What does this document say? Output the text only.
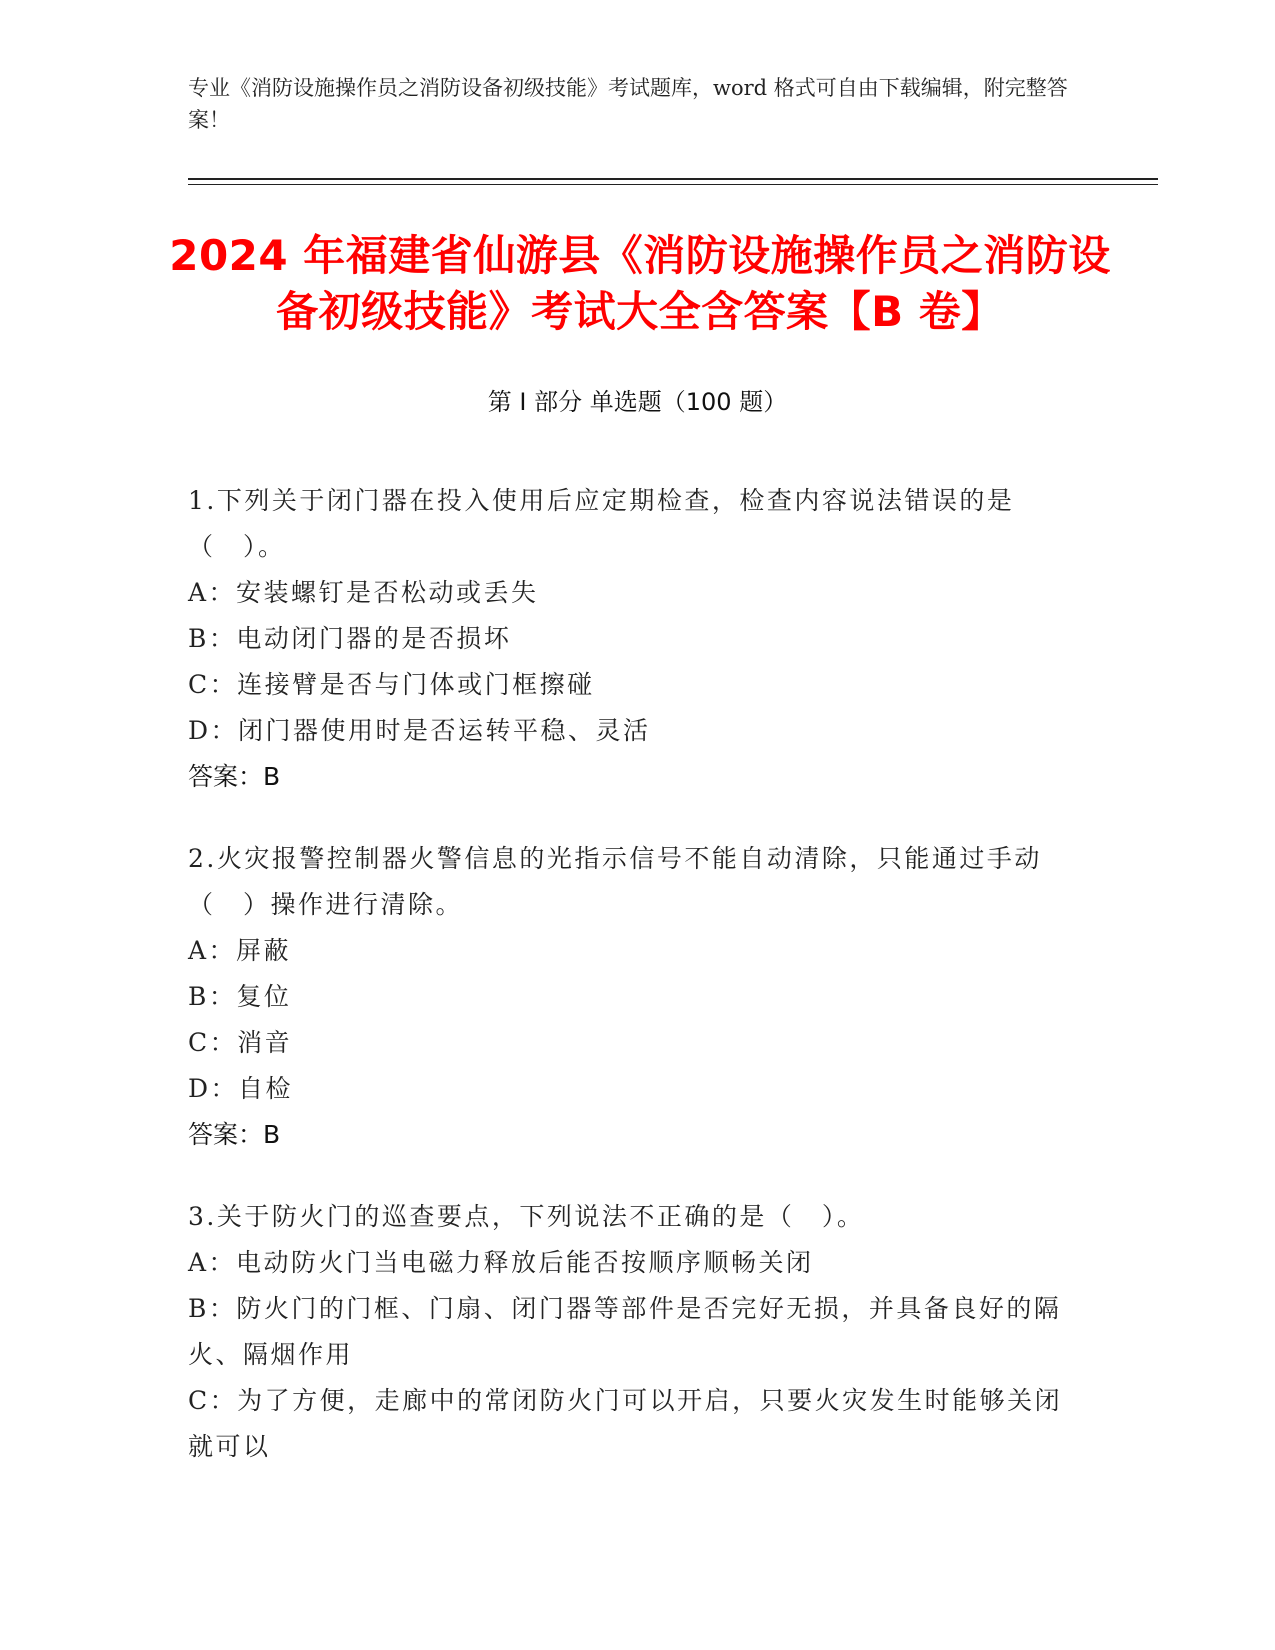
专业《消防设施操作员之消防设备初级技能》考试题库，word 格式可自由下载编辑，附完整答案！
2024 年福建省仙游县《消防设施操作员之消防设备初级技能》考试大全含答案【B 卷】
第 I 部分 单选题（100 题）
1.下列关于闭门器在投入使用后应定期检查，检查内容说法错误的是（　）。
A：安装螺钉是否松动或丢失
B：电动闭门器的是否损坏
C：连接臂是否与门体或门框擦碰
D：闭门器使用时是否运转平稳、灵活
答案：B
2.火灾报警控制器火警信息的光指示信号不能自动清除，只能通过手动（　）操作进行清除。
A：屏蔽
B：复位
C：消音
D：自检
答案：B
3.关于防火门的巡查要点，下列说法不正确的是（　）。
A：电动防火门当电磁力释放后能否按顺序顺畅关闭
B：防火门的门框、门扇、闭门器等部件是否完好无损，并具备良好的隔火、隔烟作用
C：为了方便，走廊中的常闭防火门可以开启，只要火灾发生时能够关闭就可以
